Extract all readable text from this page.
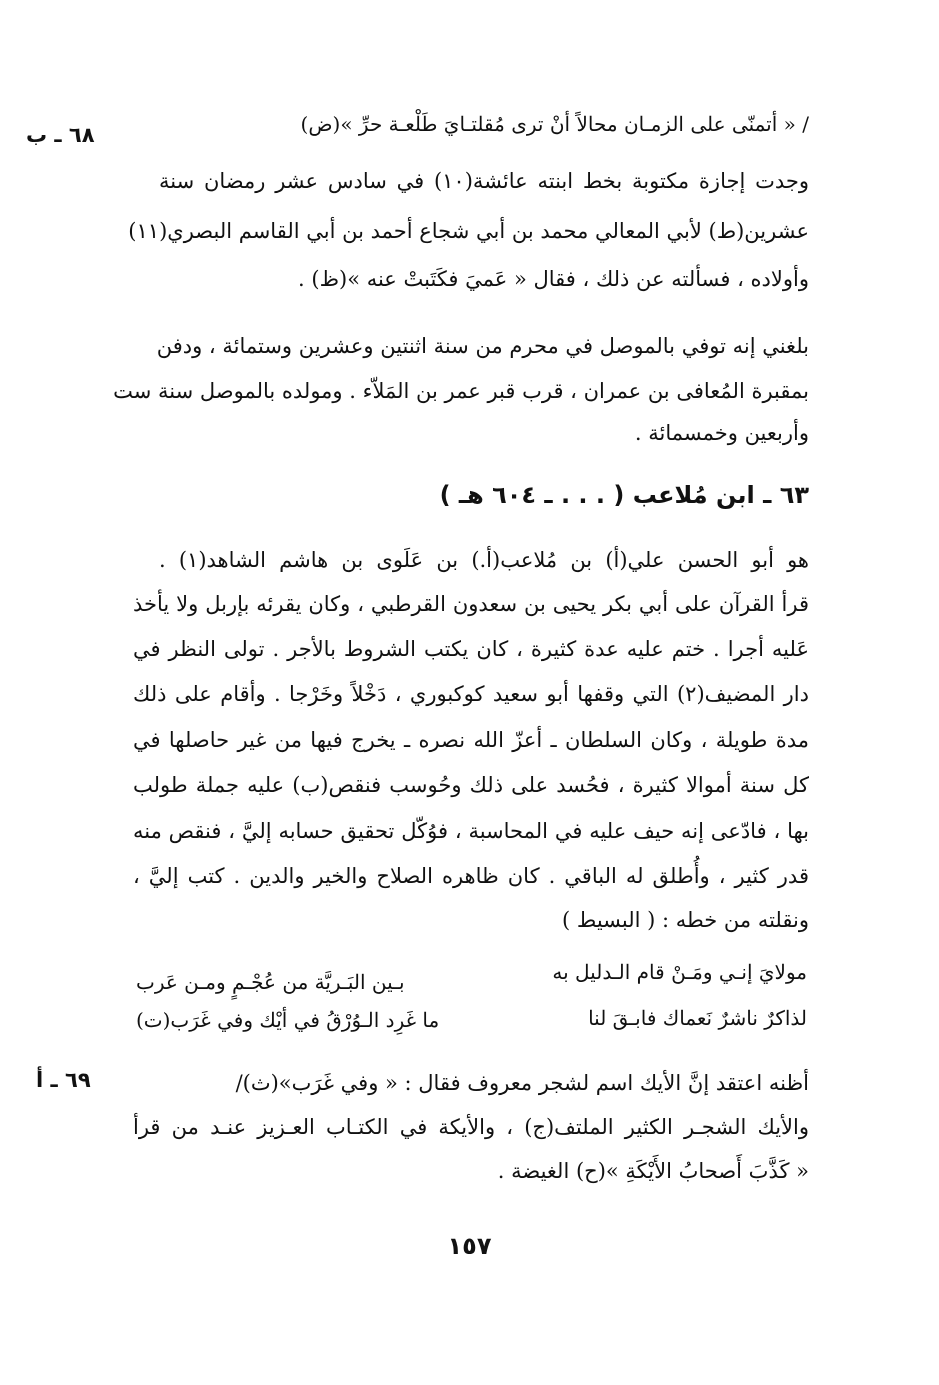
/ « أتمنّى على الزمـان محالاً أنْ ترى مُقلتـايَ طَلْعـة حرِّ »(ض)
٦٨ ـ ب
وجدت إجازة مكتوبة بخط ابنته عائشة(١٠) في سادس عشر رمضان سنة
عشرين(ط) لأبي المعالي محمد بن أبي شجاع أحمد بن أبي القاسم البصري(١١)
وأولاده ، فسألته عن ذلك ، فقال « عَميَ فكَتَبتْ عنه »(ظ) .
بلغني إنه توفي بالموصل في محرم من سنة اثنتين وعشرين وستمائة ، ودفن
بمقبرة المُعافى بن عمران ، قرب قبر عمر بن المَلاّء . ومولده بالموصل سنة ست
وأربعين وخمسمائة .
٦٣ ـ ابن مُلاعب ( . . . ـ ٦٠٤ هـ )
هو أبو الحسن علي(أ) بن مُلاعب(أ.) بن عَلَوى بن هاشم الشاهد(١) .
قرأ القرآن على أبي بكر يحيى بن سعدون القرطبي ، وكان يقرئه بإربل ولا يأخذ
عَليه أجرا . ختم عليه عدة كثيرة ، كان يكتب الشروط بالأجر . تولى النظر في
دار المضيف(٢) التي وقفها أبو سعيد كوكبوري ، دَخْلاً وخَرْجا . وأقام على ذلك
مدة طويلة ، وكان السلطان ـ أعزّ الله نصره ـ يخرج فيها من غير حاصلها في
كل سنة أموالا كثيرة ، فحُسد على ذلك وحُوسب فنقص(ب) عليه جملة طولب
بها ، فادّعى إنه حيف عليه في المحاسبة ، فوُكّل تحقيق حسابه إليَّ ، فنقص منه
قدر كثير ، وأُطلق له الباقي . كان ظاهره الصلاح والخير والدين . كتب إليَّ ،
ونقلته من خطه : ( البسيط )
مولايَ إنـي ومَـنْ قام الـدليل به
بـين البَـريَّة من عُجْـمٍ ومـن عَرب
لذاكرٌ ناشرٌ نَعماك فابـقَ لنا
ما غَرِد الـوُرْقُ في أيْك وفي غَرَب(ت)
أظنه اعتقد إنَّ الأيك اسم لشجر معروف فقال : « وفي غَرَب»(ث)/
٦٩ ـ أ
والأيك الشجـر الكثير الملتف(ج) ، والأيكة في الكتـاب العـزيز عنـد من قرأ
« كَذَّبَ أَصحابُ الأَيْكَةِ »(ح) الغيضة .
١٥٧
